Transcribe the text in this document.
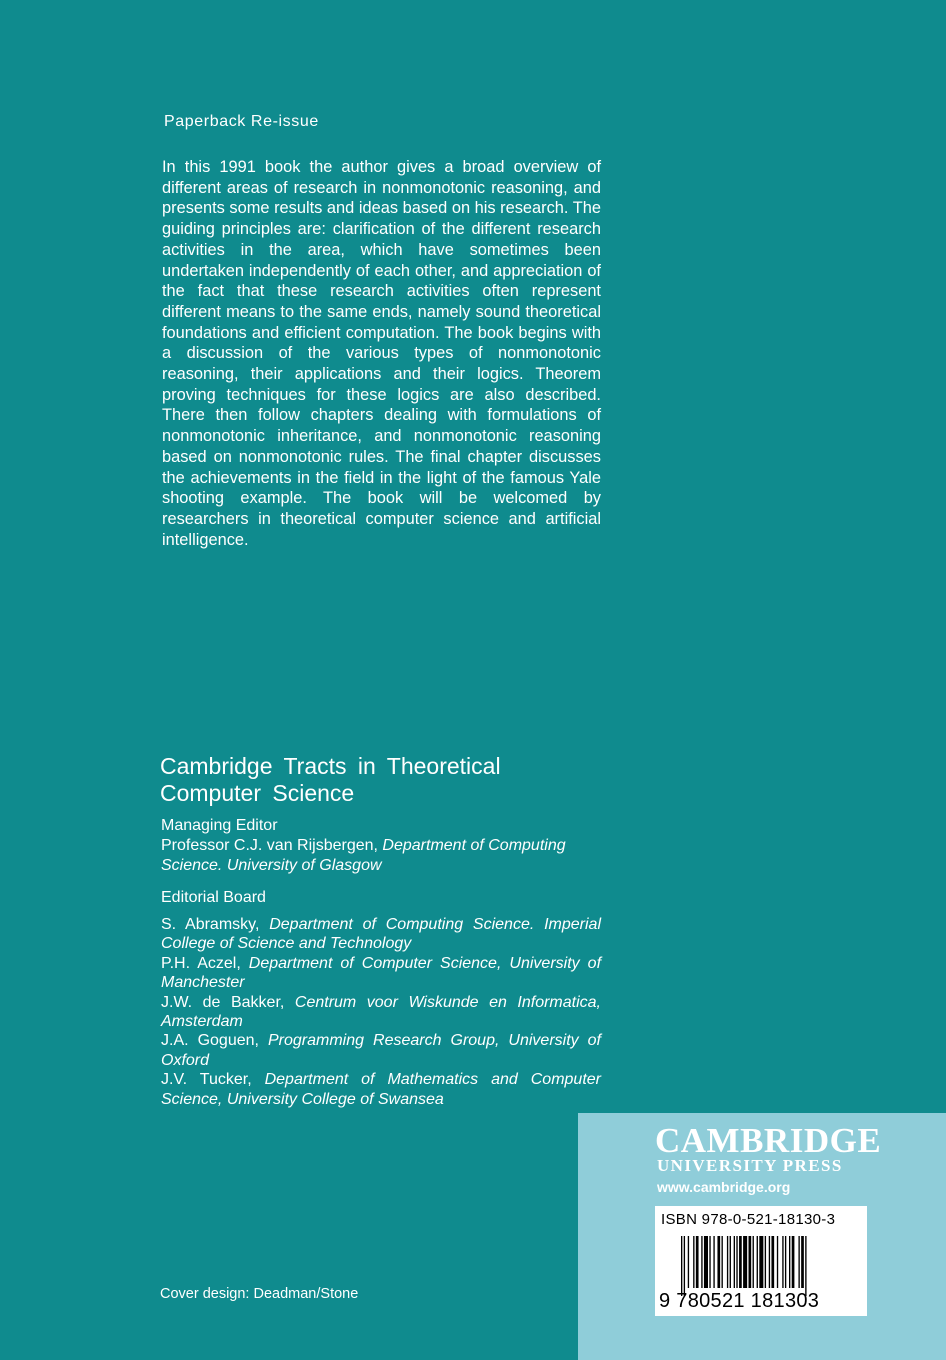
Paperback Re-issue
In this 1991 book the author gives a broad overview of different areas of research in nonmonotonic reasoning, and presents some results and ideas based on his research. The guiding principles are: clarification of the different research activities in the area, which have sometimes been undertaken independently of each other, and appreciation of the fact that these research activities often represent different means to the same ends, namely sound theoretical foundations and efficient computation. The book begins with a discussion of the various types of nonmonotonic reasoning, their applications and their logics. Theorem proving techniques for these logics are also described. There then follow chapters dealing with formulations of nonmonotonic inheritance, and nonmonotonic reasoning based on nonmonotonic rules. The final chapter discusses the achievements in the field in the light of the famous Yale shooting example. The book will be welcomed by researchers in theoretical computer science and artificial intelligence.
Cambridge Tracts in Theoretical
Computer Science
Managing Editor
Professor C.J. van Rijsbergen, Department of Computing Science. University of Glasgow
Editorial Board

S. Abramsky, Department of Computing Science. Imperial College of Science and Technology

P.H. Aczel, Department of Computer Science, University of Manchester

J.W. de Bakker, Centrum voor Wiskunde en Informatica, Amsterdam

J.A. Goguen, Programming Research Group, University of Oxford

J.V. Tucker, Department of Mathematics and Computer Science, University College of Swansea

Cover design: Deadman/Stone
CAMBRIDGE
UNIVERSITY PRESS
www.cambridge.org
ISBN 978-0-521-18130-3
9 780521 181303
